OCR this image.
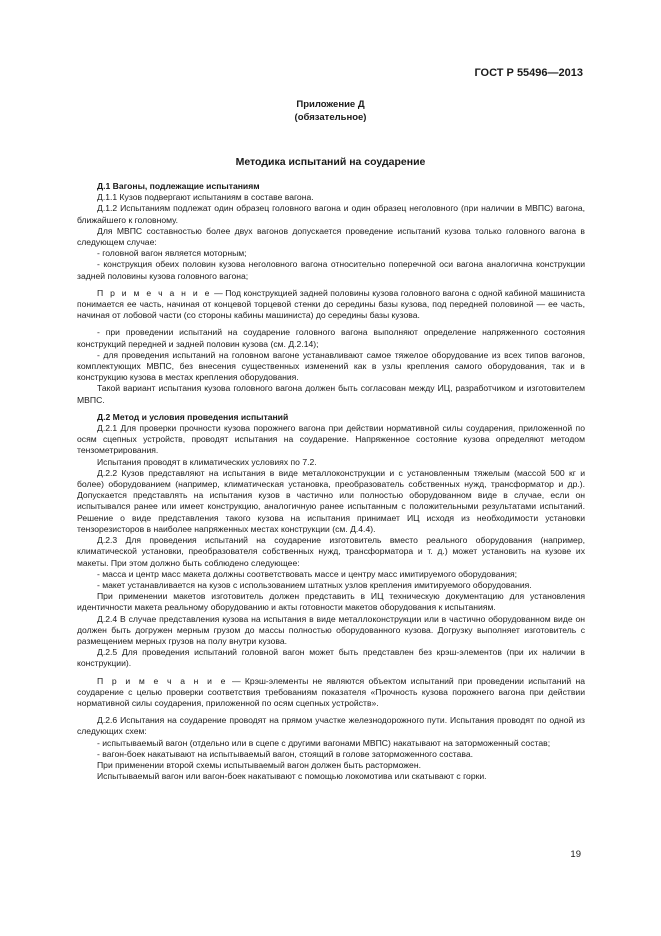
ГОСТ Р 55496—2013
Приложение Д
(обязательное)
Методика испытаний на соударение

Д.1 Вагоны, подлежащие испытаниям

Д.1.1 Кузов подвергают испытаниям в составе вагона.

Д.1.2 Испытаниям подлежат один образец головного вагона и один образец неголовного (при наличии в МВПС) вагона, ближайшего к головному.

Для МВПС составностью более двух вагонов допускается проведение испытаний кузова только головного вагона в следующем случае:

- головной вагон является моторным;

- конструкция обеих половин кузова неголовного вагона относительно поперечной оси вагона аналогична конструкции задней половины кузова головного вагона;

П р и м е ч а н и е — Под конструкцией задней половины кузова головного вагона с одной кабиной машиниста понимается ее часть, начиная от концевой торцевой стенки до середины базы кузова, под передней половиной — ее часть, начиная от лобовой части (со стороны кабины машиниста) до середины базы кузова.

- при проведении испытаний на соударение головного вагона выполняют определение напряженного состояния конструкций передней и задней половин кузова (см. Д.2.14);

- для проведения испытаний на головном вагоне устанавливают самое тяжелое оборудование из всех типов вагонов, комплектующих МВПС, без внесения существенных изменений как в узлы крепления самого оборудования, так и в конструкцию кузова в местах крепления оборудования.

Такой вариант испытания кузова головного вагона должен быть согласован между ИЦ, разработчиком и изготовителем МВПС.

Д.2 Метод и условия проведения испытаний

Д.2.1 Для проверки прочности кузова порожнего вагона при действии нормативной силы соударения, приложенной по осям сцепных устройств, проводят испытания на соударение. Напряженное состояние кузова определяют методом тензометрирования.

Испытания проводят в климатических условиях по 7.2.

Д.2.2 Кузов представляют на испытания в виде металлоконструкции и с установленным тяжелым (массой 500 кг и более) оборудованием (например, климатическая установка, преобразователь собственных нужд, трансформатор и др.). Допускается представлять на испытания кузов в частично или полностью оборудованном виде в случае, если он испытывался ранее или имеет конструкцию, аналогичную ранее испытанным с положительными результатами испытаний. Решение о виде представления такого кузова на испытания принимает ИЦ исходя из необходимости установки тензорезисторов в наиболее напряженных местах конструкции (см. Д.4.4).

Д.2.3 Для проведения испытаний на соударение изготовитель вместо реального оборудования (например, климатической установки, преобразователя собственных нужд, трансформатора и т. д.) может установить на кузове их макеты. При этом должно быть соблюдено следующее:

- масса и центр масс макета должны соответствовать массе и центру масс имитируемого оборудования;

- макет устанавливается на кузов с использованием штатных узлов крепления имитируемого оборудования.

При применении макетов изготовитель должен представить в ИЦ техническую документацию для установления идентичности макета реальному оборудованию и акты готовности макетов оборудования к испытаниям.

Д.2.4 В случае представления кузова на испытания в виде металлоконструкции или в частично оборудованном виде он должен быть догружен мерным грузом до массы полностью оборудованного кузова. Догрузку выполняет изготовитель с размещением мерных грузов на полу внутри кузова.

Д.2.5 Для проведения испытаний головной вагон может быть представлен без крэш-элементов (при их наличии в конструкции).

П р и м е ч а н и е — Крэш-элементы не являются объектом испытаний при проведении испытаний на соударение с целью проверки соответствия требованиям показателя «Прочность кузова порожнего вагона при действии нормативной силы соударения, приложенной по осям сцепных устройств».

Д.2.6 Испытания на соударение проводят на прямом участке железнодорожного пути. Испытания проводят по одной из следующих схем:

- испытываемый вагон (отдельно или в сцепе с другими вагонами МВПС) накатывают на заторможенный состав;

- вагон-боек накатывают на испытываемый вагон, стоящий в голове заторможенного состава.

При применении второй схемы испытываемый вагон должен быть расторможен.

Испытываемый вагон или вагон-боек накатывают с помощью локомотива или скатывают с горки.

19
